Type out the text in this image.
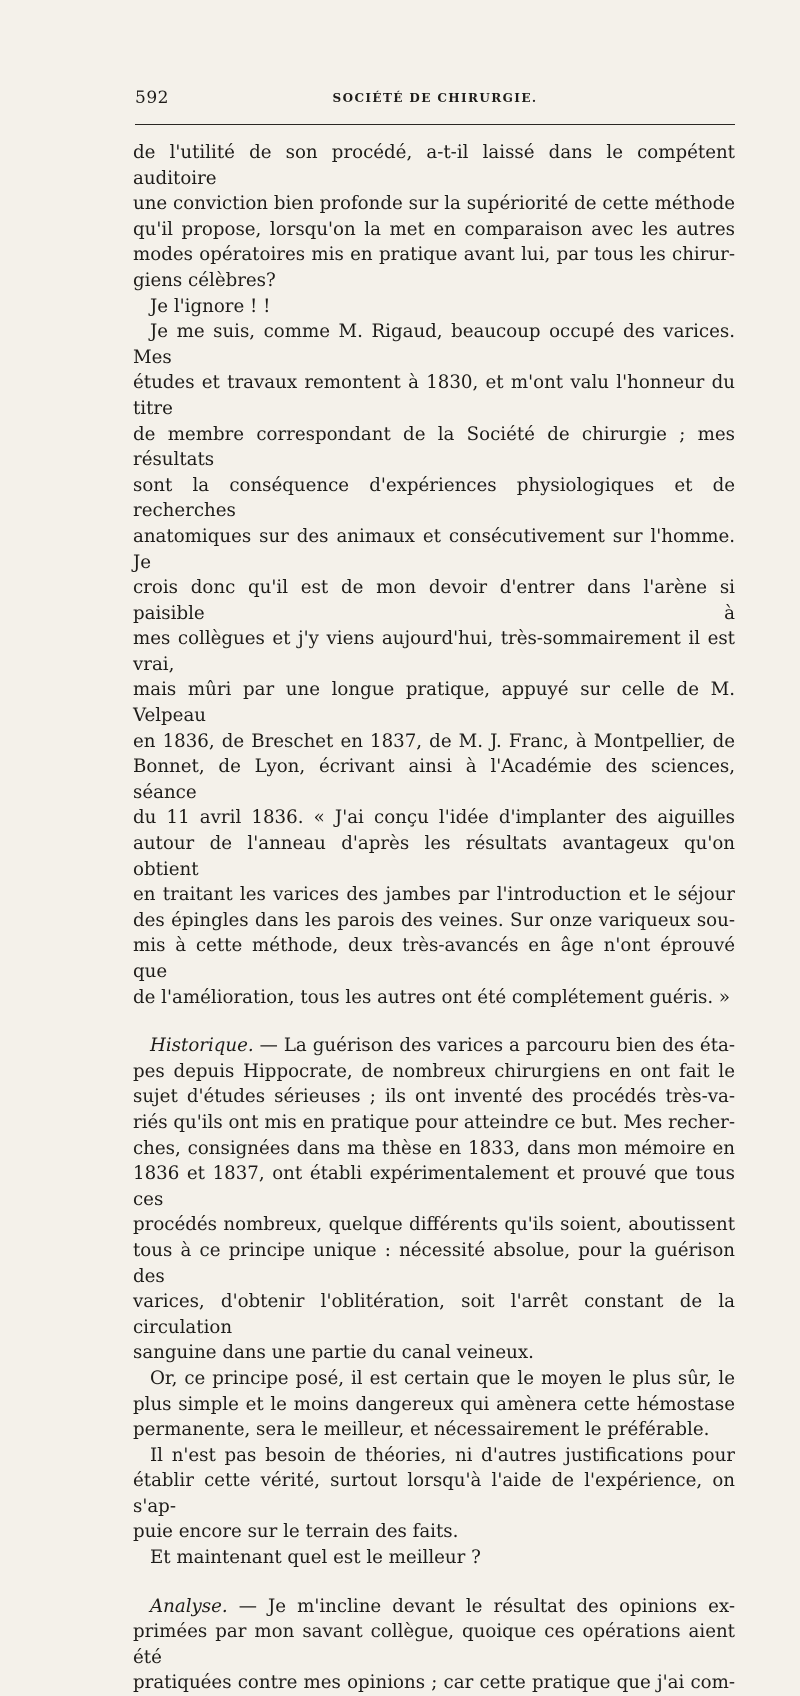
592	SOCIÉTÉ DE CHIRURGIE.

de l'utilité de son procédé, a-t-il laissé dans le compétent auditoire

une conviction bien profonde sur la supériorité de cette méthode

qu'il propose, lorsqu'on la met en comparaison avec les autres

modes opératoires mis en pratique avant lui, par tous les chirur-

giens célèbres?

Je l'ignore ! !

Je me suis, comme M. Rigaud, beaucoup occupé des varices. Mes

études et travaux remontent à 1830, et m'ont valu l'honneur du titre

de membre correspondant de la Société de chirurgie ; mes résultats

sont la conséquence d'expériences physiologiques et de recherches

anatomiques sur des animaux et consécutivement sur l'homme. Je

crois donc qu'il est de mon devoir d'entrer dans l'arène si paisible à

mes collègues et j'y viens aujourd'hui, très-sommairement il est vrai,

mais mûri par une longue pratique, appuyé sur celle de M. Velpeau

en 1836, de Breschet en 1837, de M. J. Franc, à Montpellier, de

Bonnet, de Lyon, écrivant ainsi à l'Académie des sciences, séance

du 11 avril 1836. « J'ai conçu l'idée d'implanter des aiguilles

autour de l'anneau d'après les résultats avantageux qu'on obtient

en traitant les varices des jambes par l'introduction et le séjour

des épingles dans les parois des veines. Sur onze variqueux sou-

mis à cette méthode, deux très-avancés en âge n'ont éprouvé que

de l'amélioration, tous les autres ont été complétement guéris. »

Historique. — La guérison des varices a parcouru bien des éta-

pes depuis Hippocrate, de nombreux chirurgiens en ont fait le

sujet d'études sérieuses ; ils ont inventé des procédés très-va-

riés qu'ils ont mis en pratique pour atteindre ce but. Mes recher-

ches, consignées dans ma thèse en 1833, dans mon mémoire en

1836 et 1837, ont établi expérimentalement et prouvé que tous ces

procédés nombreux, quelque différents qu'ils soient, aboutissent

tous à ce principe unique : nécessité absolue, pour la guérison des

varices, d'obtenir l'oblitération, soit l'arrêt constant de la circulation

sanguine dans une partie du canal veineux.

Or, ce principe posé, il est certain que le moyen le plus sûr, le

plus simple et le moins dangereux qui amènera cette hémostase

permanente, sera le meilleur, et nécessairement le préférable.

Il n'est pas besoin de théories, ni d'autres justifications pour

établir cette vérité, surtout lorsqu'à l'aide de l'expérience, on s'ap-

puie encore sur le terrain des faits.

Et maintenant quel est le meilleur ?

Analyse. — Je m'incline devant le résultat des opinions ex-

primées par mon savant collègue, quoique ces opérations aient été

pratiquées contre mes opinions ; car cette pratique que j'ai com-
